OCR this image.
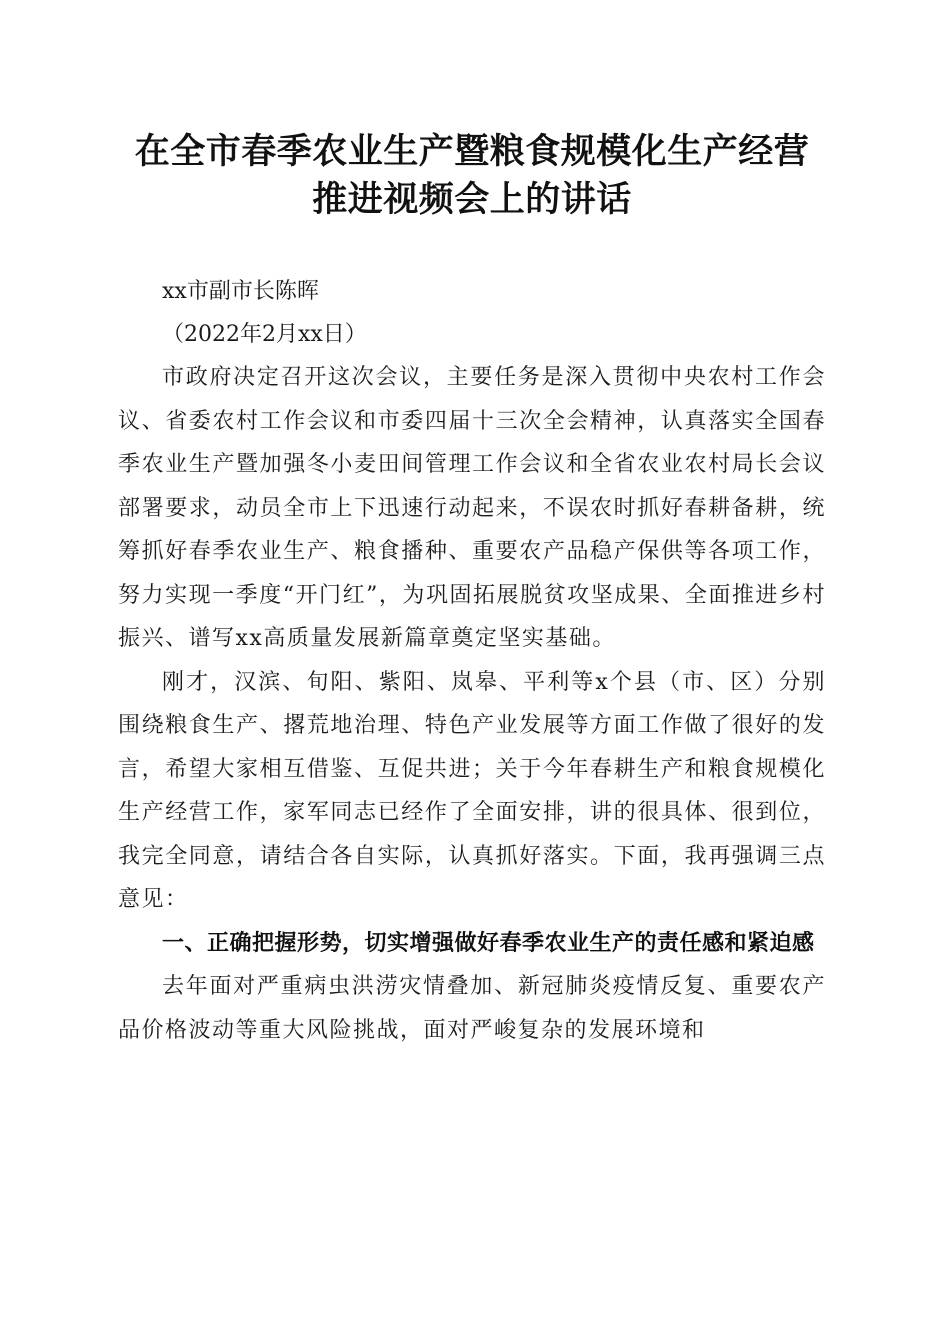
在全市春季农业生产暨粮食规模化生产经营推进视频会上的讲话

xx市副市长陈晖

（2022年2月xx日）

市政府决定召开这次会议，主要任务是深入贯彻中央农村工作会议、省委农村工作会议和市委四届十三次全会精神，认真落实全国春季农业生产暨加强冬小麦田间管理工作会议和全省农业农村局长会议部署要求，动员全市上下迅速行动起来，不误农时抓好春耕备耕，统筹抓好春季农业生产、粮食播种、重要农产品稳产保供等各项工作，努力实现一季度“开门红”，为巩固拓展脱贫攻坚成果、全面推进乡村振兴、谱写xx高质量发展新篇章奠定坚实基础。

刚才，汉滨、旬阳、紫阳、岚皋、平利等x个县（市、区）分别围绕粮食生产、撂荒地治理、特色产业发展等方面工作做了很好的发言，希望大家相互借鉴、互促共进；关于今年春耕生产和粮食规模化生产经营工作，家军同志已经作了全面安排，讲的很具体、很到位，我完全同意，请结合各自实际，认真抓好落实。下面，我再强调三点意见：

一、正确把握形势，切实增强做好春季农业生产的责任感和紧迫感

去年面对严重病虫洪涝灾情叠加、新冠肺炎疫情反复、重要农产品价格波动等重大风险挑战，面对严峻复杂的发展环境和
